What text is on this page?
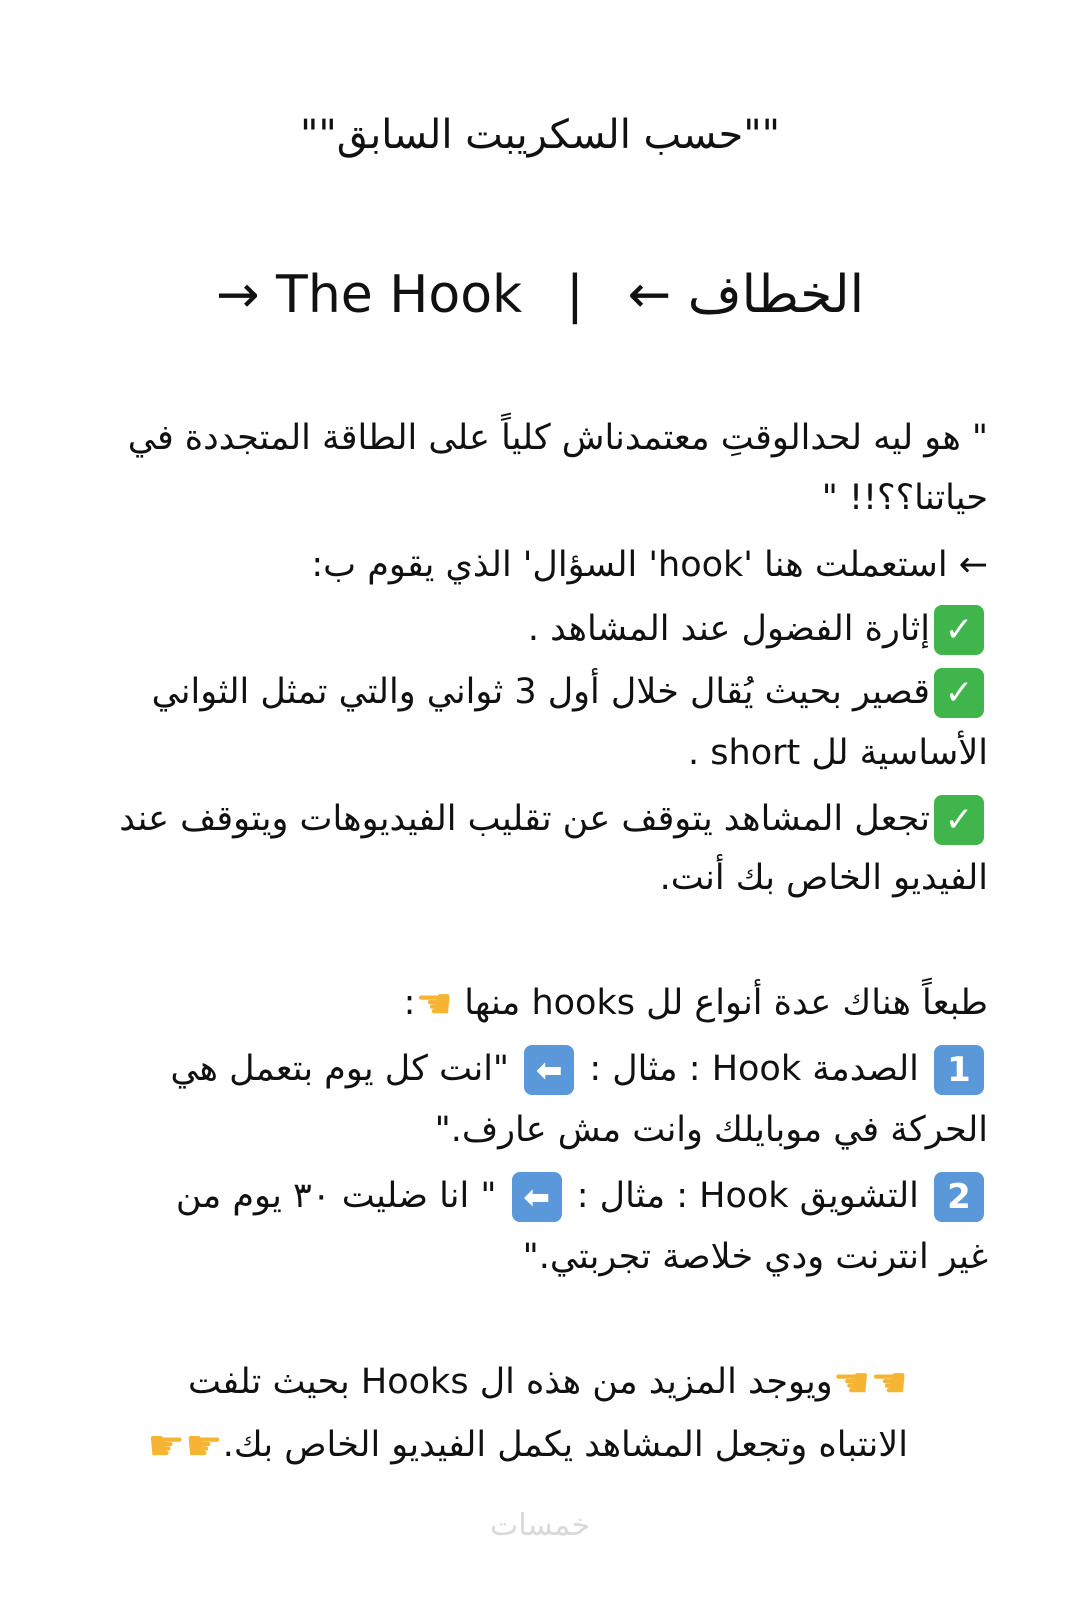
""حسب السكريبت السابق""
→ The Hook | الخطاف ←
" هو ليه لحدالوقتِ معتمدناش كلياً على الطاقة المتجددة في
حياتنا؟؟!! "
← استعملت هنا 'hook' السؤال' الذي يقوم ب:
✓إثارة الفضول عند المشاهد .
✓قصير بحيث يُقال خلال أول 3 ثواني والتي تمثل الثواني
الأساسية لل short .
✓تجعل المشاهد يتوقف عن تقليب الفيديوهات ويتوقف عند
الفيديو الخاص بك أنت.
طبعاً هناك عدة أنواع لل hooks منها ☚:
1 الصدمة Hook : مثال : ⬅ "انت كل يوم بتعمل هي
الحركة في موبايلك وانت مش عارف."
2 التشويق Hook : مثال : ⬅ " انا ضليت ٣٠ يوم من
غير انترنت ودي خلاصة تجربتي."
☚☚ويوجد المزيد من هذه ال Hooks بحيث تلفت
الانتباه وتجعل المشاهد يكمل الفيديو الخاص بك.☛☛
خمسات
